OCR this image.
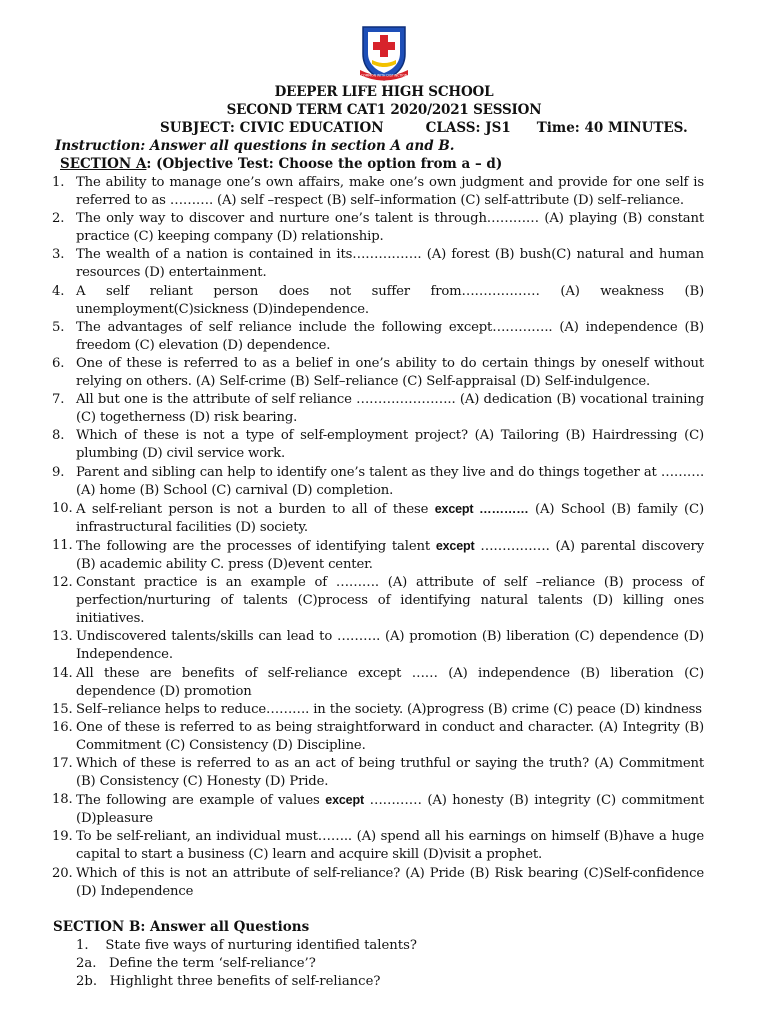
COMMON WITH DISTINCTION
DEEPER LIFE HIGH SCHOOL
SECOND TERM CAT1 2020/2021 SESSION
SUBJECT: CIVIC EDUCATION	CLASS: JS1 Time: 40 MINUTES.
Instruction: Answer all questions in section A and B.
SECTION A: (Objective Test: Choose the option from a – d)
1. The ability to manage one’s own affairs, make one’s own judgment and provide for one self is referred to as ………. (A) self –respect (B) self–information (C) self-attribute (D) self–reliance.
2. The only way to discover and nurture one’s talent is through………… (A) playing (B) constant practice (C) keeping company (D) relationship.
3. The wealth of a nation is contained in its……………. (A) forest (B) bush(C) natural and human resources (D) entertainment.
4. A self reliant person does not suffer from……………… (A) weakness (B) unemployment(C)sickness (D)independence.
5. The advantages of self reliance include the following except………….. (A) independence (B) freedom (C) elevation (D) dependence.
6. One of these is referred to as a belief in one’s ability to do certain things by oneself without relying on others. (A) Self-crime (B) Self–reliance (C) Self-appraisal (D) Self-indulgence.
7. All but one is the attribute of self reliance ………………….. (A) dedication (B) vocational training (C) togetherness (D) risk bearing.
8. Which of these is not a type of self-employment project? (A) Tailoring (B) Hairdressing (C) plumbing (D) civil service work.
9. Parent and sibling can help to identify one’s talent as they live and do things together at ………. (A) home (B) School (C) carnival (D) completion.
10. A self-reliant person is not a burden to all of these except ………… (A) School (B) family (C) infrastructural facilities (D) society.
11. The following are the processes of identifying talent except ……………. (A) parental discovery (B) academic ability C. press (D)event center.
12. Constant practice is an example of ………. (A) attribute of self –reliance (B) process of perfection/nurturing of talents (C)process of identifying natural talents (D) killing ones initiatives.
13. Undiscovered talents/skills can lead to ………. (A) promotion (B) liberation (C) dependence (D) Independence.
14. All these are benefits of self-reliance except …… (A) independence (B) liberation (C) dependence (D) promotion
15. Self–reliance helps to reduce………. in the society. (A)progress (B) crime (C) peace (D) kindness
16. One of these is referred to as being straightforward in conduct and character. (A) Integrity (B) Commitment (C) Consistency (D) Discipline.
17. Which of these is referred to as an act of being truthful or saying the truth? (A) Commitment (B) Consistency (C) Honesty (D) Pride.
18. The following are example of values except ………… (A) honesty (B) integrity (C) commitment (D)pleasure
19. To be self-reliant, an individual must…….. (A) spend all his earnings on himself (B)have a huge capital to start a business (C) learn and acquire skill (D)visit a prophet.
20. Which of this is not an attribute of self-reliance? (A) Pride (B) Risk bearing (C)Self-confidence (D) Independence
SECTION B: Answer all Questions
1.    State five ways of nurturing identified talents?
2a.   Define the term ‘self-reliance’?
2b.   Highlight three benefits of self-reliance?
